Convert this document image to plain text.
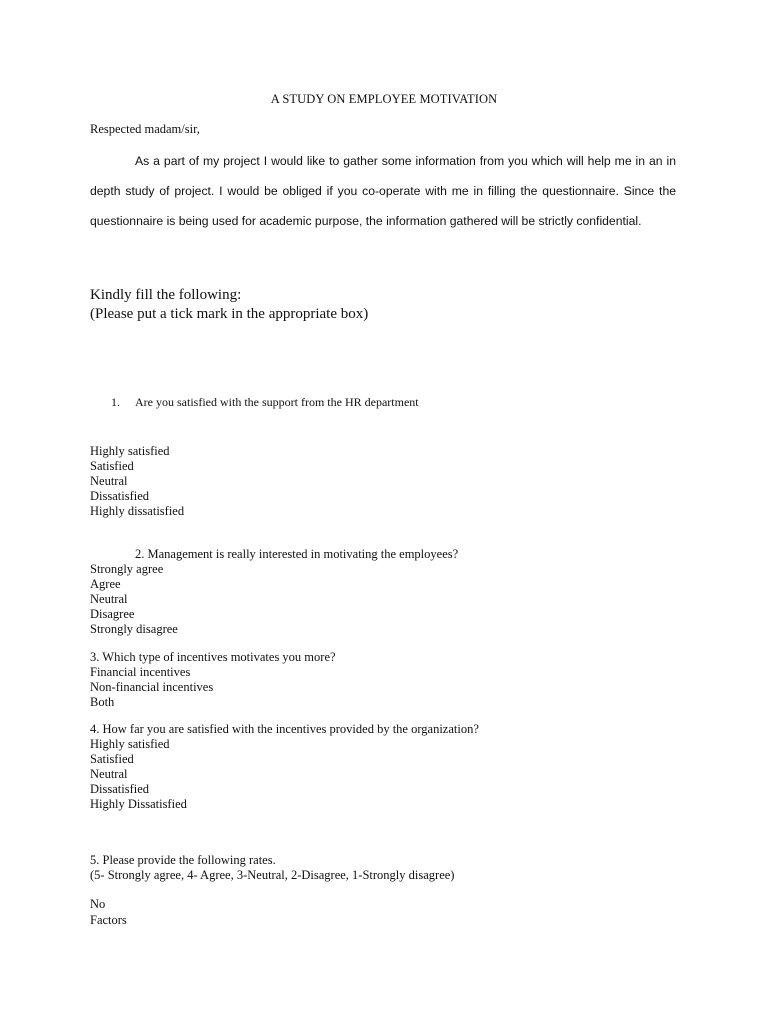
A STUDY ON EMPLOYEE MOTIVATION
Respected madam/sir,
As a part of my project I would like to gather some information from you which will help me in an in depth study of project. I would be obliged if you co-operate with me in filling the questionnaire. Since the questionnaire is being used for academic purpose, the information gathered will be strictly confidential.
Kindly fill the following:
(Please put a tick mark in the appropriate box)
1. Are you satisfied with the support from the HR department
Highly satisfied
Satisfied
Neutral
Dissatisfied
Highly dissatisfied
2. Management is really interested in motivating the employees?
Strongly agree
Agree
Neutral
Disagree
Strongly disagree
3. Which type of incentives motivates you more?
Financial incentives
Non-financial incentives
Both
4. How far you are satisfied with the incentives provided by the organization?
Highly satisfied
Satisfied
Neutral
Dissatisfied
Highly Dissatisfied
5. Please provide the following rates.
(5- Strongly agree, 4- Agree, 3-Neutral, 2-Disagree, 1-Strongly disagree)
No
Factors
